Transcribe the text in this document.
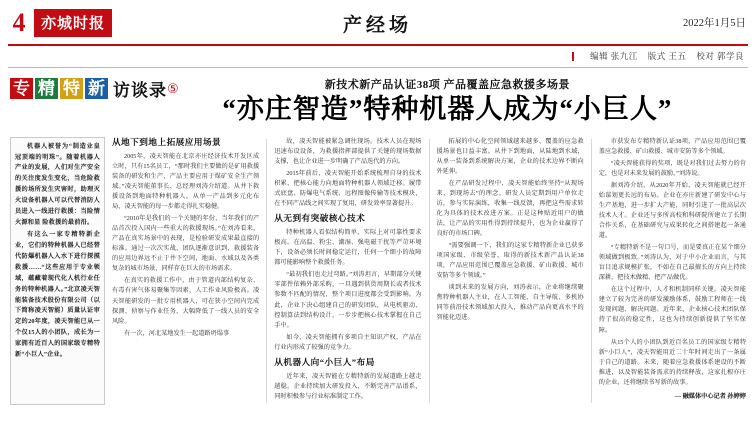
4	亦城时报	产经场	2022年1月5日
编辑 张九江 版式 王五 校对 郭学良
专 精 特 新 访谈录 ⑤	新技术新产品认证38项 产品覆盖应急救援多场景
“亦庄智造”特种机器人成为“小巨人”

机器人被誉为“制造业皇冠顶端的明珠”。随着机器人产业的发展，人们对生产安全的关注度发生变化，当危险救援的场所发生灾害时，助理灭火设备机器人可以代替消防人员进入一线进行救援：当险情火源和显 险救援的最前沿。

有这么一家专精特新企业，它们的特种机器人已经替代防爆机器人入水下进行探摸救援……“这些应用于专业领域，蕴藏着现代化人机行业任务的特种机器人。”北京凌天智能装备技术股份有限公司（以下简称凌天智能）质量认证审定的20年度，凌天智能已从一个仅15人的小团队，成长为一家拥有近百人的国家级专精特新“小巨人”企业。

从地下到地上拓展应用场景

2005年，凌天智能在北京亦庄经济技术开发区成立时，只有15名员工，“那时我们主要做的是矿用救援装备的研发和生产，产品主要应用于煤矿安全生产领域。”凌天智能董事长、总经理刘涛介绍道。从井下救援设备到地面特种机器人，从单一产品到多元化布局，凌天智能的每一步都走得扎实稳健。

“2010年是我们的一个关键的年份，当年我们的产品首次投入国内一些重大的救援现场。”在刘涛看来，产品在真实场景中的表现，是检验研发成果最直接的标准。通过一次次实战，团队逐渐意识到，救援装备的应用边界远不止于井下空间，地面、水域以及各类复杂的城市场景，同样存在巨大的市场需求。

在真实的救援工作中，由于管道内部结构复杂、有毒有害气体易聚集等因素，人工作业风险极高。凌天智能研发的一批专用机器人，可在狭小空间内完成探测、侦察与作业任务，大幅降低了一线人员的安全风险。

有一次，河北某地发生一起道路坍塌事

故，凌天智能被紧急调往现场。技术人员在现场迅速布设设备，为救援指挥部提供了关键的现场数据支撑，也让企业进一步明确了产品迭代的方向。

2015年前后，凌天智能开始系统梳理自身的技术积累，把核心能力向地面特种机器人领域迁移。履带式底盘、防爆电气系统、远程图像传输等技术模块，在不同产品线之间实现了复用，研发效率显著提升。

从无到有突破核心技术

特种机器人看似结构简单，实际上对可靠性要求极高。在高温、粉尘、潮湿、强电磁干扰等严苛环境下，设备必须长时间稳定运行，任何一个细小的故障都可能影响整个救援任务。

“最初我们也走过弯路。”刘涛坦言，早期部分关键零部件依赖外部采购，一旦遇到供货周期长或者技术参数不匹配的情况，整个项目进度都会受到影响。为此，企业下决心组建自己的研发团队，从电机驱动、控制算法到结构设计，一步步把核心技术掌握在自己手中。

如今，凌天智能拥有多项自主知识产权，产品在行业内形成了较强的竞争力。

从机器人向“小巨人”布局

近年来，凌天智能在专精特新的发展道路上越走越稳。企业持续加大研发投入，不断完善产品谱系，同时积极参与行业标准制定工作。

拓展的中心化空间领域越来越多、覆盖的应急救援场景也日益丰富。从井下到地面，从陆地到水域，从单一装备到系统解决方案，企业的技术边界不断向外延伸。

在产品研发过程中，凌天智能始终坚持“从现场来，到现场去”的理念。研发人员定期到用户单位走访，参与实际演练，收集一线反馈，再把这些需求转化为具体的技术改进方案。正是这种贴近用户的做法，让产品的实用性得到持续提升，也为企业赢得了良好的市场口碑。

“需要强调一下，我们的这家专精特新企业已获多项国家级、市级荣誉，取得的新技术新产品认证38项，产品应用范围已覆盖应急救援、矿山救援、城市安防等多个领域。”

谈到未来的发展方向，刘涛表示，企业将继续聚焦特种机器人主业，在人工智能、自主导航、多机协同等前沿技术领域加大投入，推动产品向更高水平的智能化迈进。

市获发布专精特新认证38项，产品应用范围已覆盖应急救援、矿山救援、城市安防等多个领域。

“凌天智能获得的奖项，既是对我们过去努力的肯定，也是对未来发展的鼓励。”刘涛说。

据刘涛介绍，从2020年开始，凌天智能就已经开始谋划更长远的布局。企业在亦庄新建了研发中心与生产基地，进一步扩大产能，同时引进了一批高层次技术人才。企业还与多所高校和科研院所建立了长期合作关系，在基础研究与成果转化之间搭建起一条通道。

“专精特新不是一句口号，而是要真正在某个细分领域做到极致。”刘涛认为，对于中小企业而言，与其盲目追求规模扩张，不如在自己最擅长的方向上持续深耕，把技术做精、把产品做优。

在这个过程中，人才和机制同样关键。凌天智能建立了较为完善的研发激励体系，鼓励工程师在一线发现问题、解决问题。近年来，企业核心技术团队保持了很高的稳定性，这也为持续创新提供了坚实保障。

从15个人的小团队到近百名员工的国家级专精特新“小巨人”，凌天智能用近二十年时间走出了一条属于自己的道路。未来，随着应急救援体系建设的不断推进，以及智能装备需求的持续释放，这家扎根亦庄的企业，还将继续书写新的故事。

— 融媒体中心记者 孙婷婷
